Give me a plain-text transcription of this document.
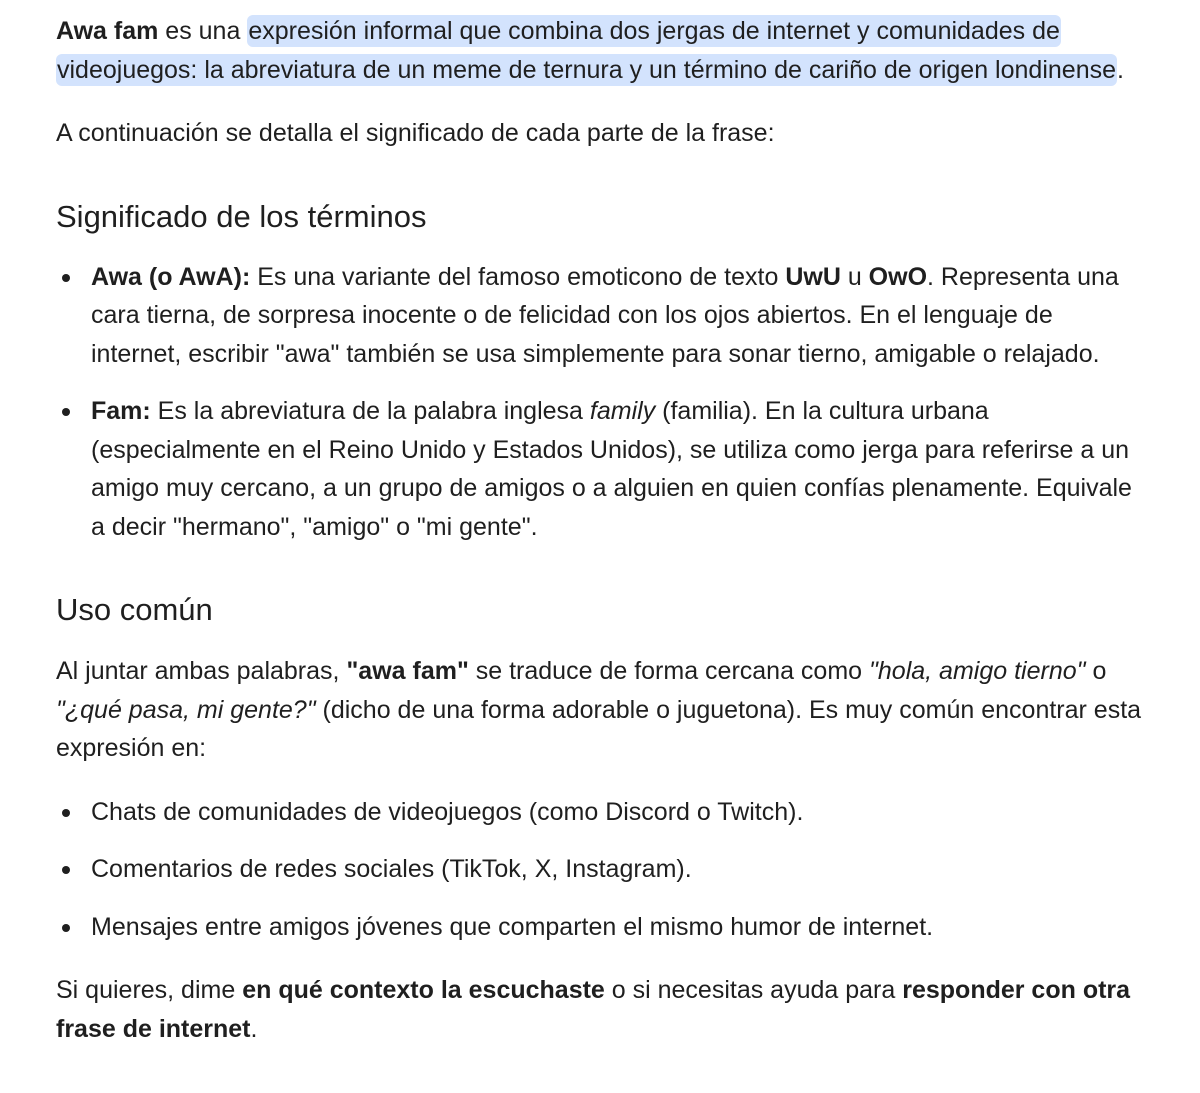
Awa fam es una expresión informal que combina dos jergas de internet y comunidades de videojuegos: la abreviatura de un meme de ternura y un término de cariño de origen londinense.

A continuación se detalla el significado de cada parte de la frase:

Significado de los términos
Awa (o AwA): Es una variante del famoso emoticono de texto UwU u OwO. Representa una cara tierna, de sorpresa inocente o de felicidad con los ojos abiertos. En el lenguaje de internet, escribir "awa" también se usa simplemente para sonar tierno, amigable o relajado.
Fam: Es la abreviatura de la palabra inglesa family (familia). En la cultura urbana (especialmente en el Reino Unido y Estados Unidos), se utiliza como jerga para referirse a un amigo muy cercano, a un grupo de amigos o a alguien en quien confías plenamente. Equivale a decir "hermano", "amigo" o "mi gente".
Uso común

Al juntar ambas palabras, "awa fam" se traduce de forma cercana como "hola, amigo tierno" o "¿qué pasa, mi gente?" (dicho de una forma adorable o juguetona). Es muy común encontrar esta expresión en:

Chats de comunidades de videojuegos (como Discord o Twitch).
Comentarios de redes sociales (TikTok, X, Instagram).
Mensajes entre amigos jóvenes que comparten el mismo humor de internet.

Si quieres, dime en qué contexto la escuchaste o si necesitas ayuda para responder con otra frase de internet.
